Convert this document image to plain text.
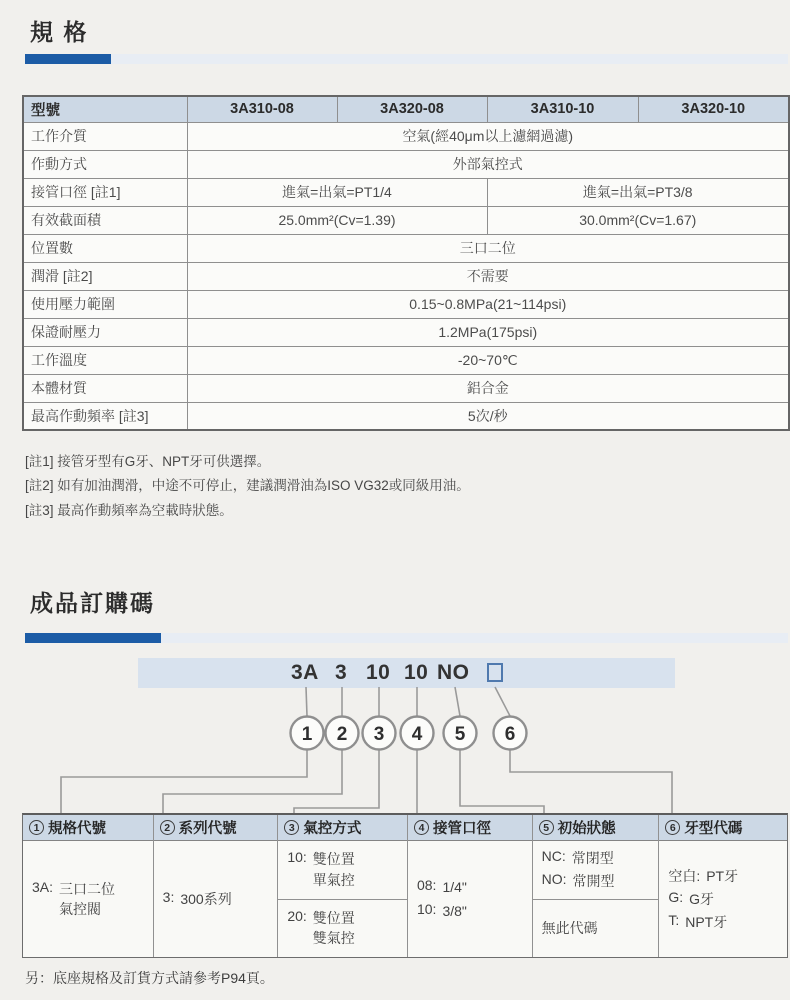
規 格
型號	3A310-08	3A320-08	3A310-10	3A320-10
工作介質	空氣(經40μm以上濾網過濾)			
作動方式	外部氣控式			
接管口徑 [註1]	進氣=出氣=PT1/4		進氣=出氣=PT3/8	
有效截面積	25.0mm²(Cv=1.39)		30.0mm²(Cv=1.67)	
位置數	三口二位			
潤滑 [註2]	不需要			
使用壓力範圍	0.15~0.8MPa(21~114psi)			
保證耐壓力	1.2MPa(175psi)			
工作溫度	-20~70℃			
本體材質	鋁合金			
最高作動頻率 [註3]	5次/秒			
[註1] 接管牙型有G牙、NPT牙可供選擇。
[註2] 如有加油潤滑，中途不可停止，建議潤滑油為ISO VG32或同級用油。
[註3] 最高作動頻率為空載時狀態。
成品訂購碼
3A 3 10 10 NO
1 2 3 4 5 6
1 規格代號
3A: 三口二位
氣控閥
2 系列代號
3: 300系列
3 氣控方式
10: 雙位置
單氣控
20: 雙位置
雙氣控
4 接管口徑
08: 1/4"
10: 3/8"
5 初始狀態
NC: 常閉型
NO: 常開型
無此代碼
6 牙型代碼
空白: PT牙
G: G牙
T: NPT牙
另：底座規格及訂貨方式請參考P94頁。
